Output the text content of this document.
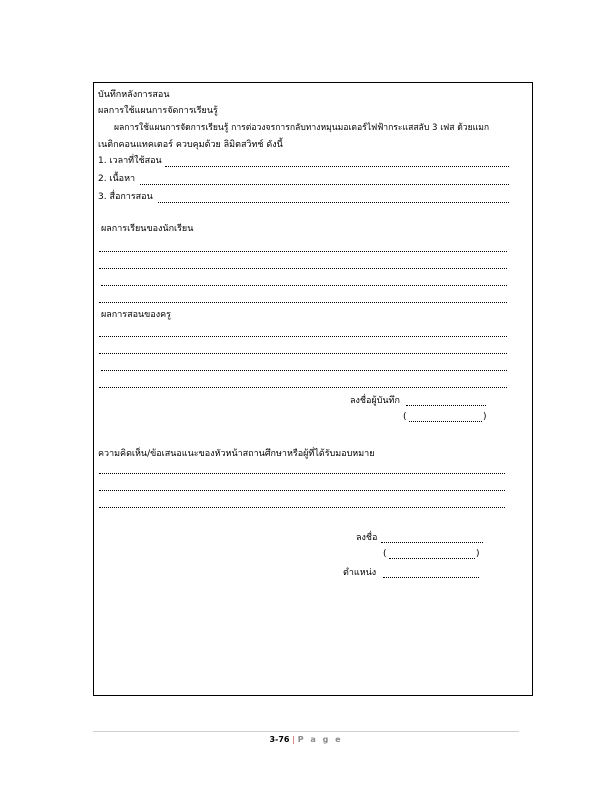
บันทึกหลังการสอน
ผลการใช้แผนการจัดการเรียนรู้
ผลการใช้แผนการจัดการเรียนรู้ การต่อวงจรการกลับทางหมุนมอเตอร์ไฟฟ้ากระแสสลับ 3 เฟส ด้วยแมก
เนติกคอนแทคเตอร์ ควบคุมด้วย ลิมิตสวิทช์ ดังนี้
1. เวลาที่ใช้สอน
2. เนื้อหา
3. สื่อการสอน
ผลการเรียนของนักเรียน
ผลการสอนของครู
ลงชื่อผู้บันทึก
(	)
ความคิดเห็น/ข้อเสนอแนะของหัวหน้าสถานศึกษาหรือผู้ที่ได้รับมอบหมาย
ลงชื่อ
(	)
ตำแหน่ง
3-76 | P a g e
